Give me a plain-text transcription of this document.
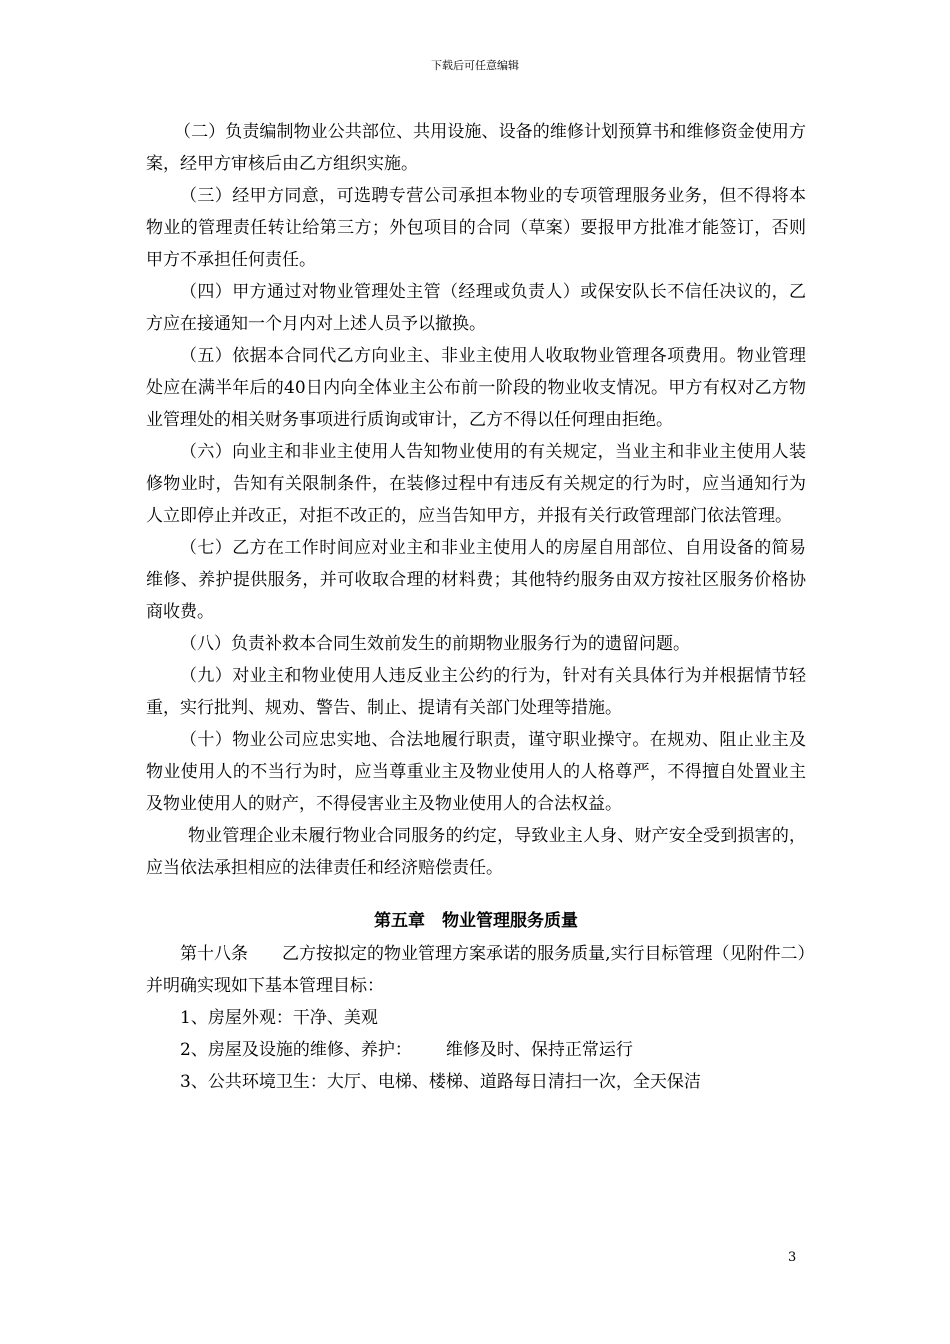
下载后可任意编辑

（二）负责编制物业公共部位、共用设施、设备的维修计划预算书和维修资金使用方案，经甲方审核后由乙方组织实施。

（三）经甲方同意，可选聘专营公司承担本物业的专项管理服务业务，但不得将本物业的管理责任转让给第三方；外包项目的合同（草案）要报甲方批准才能签订，否则甲方不承担任何责任。

（四）甲方通过对物业管理处主管（经理或负责人）或保安队长不信任决议的，乙方应在接通知一个月内对上述人员予以撤换。

（五）依据本合同代乙方向业主、非业主使用人收取物业管理各项费用。物业管理处应在满半年后的40日内向全体业主公布前一阶段的物业收支情况。甲方有权对乙方物业管理处的相关财务事项进行质询或审计，乙方不得以任何理由拒绝。

（六）向业主和非业主使用人告知物业使用的有关规定，当业主和非业主使用人装修物业时，告知有关限制条件，在装修过程中有违反有关规定的行为时，应当通知行为人立即停止并改正，对拒不改正的，应当告知甲方，并报有关行政管理部门依法管理。

（七）乙方在工作时间应对业主和非业主使用人的房屋自用部位、自用设备的简易维修、养护提供服务，并可收取合理的材料费；其他特约服务由双方按社区服务价格协商收费。

（八）负责补救本合同生效前发生的前期物业服务行为的遗留问题。

（九）对业主和物业使用人违反业主公约的行为，针对有关具体行为并根据情节轻重，实行批判、规劝、警告、制止、提请有关部门处理等措施。

（十）物业公司应忠实地、合法地履行职责，谨守职业操守。在规劝、阻止业主及物业使用人的不当行为时，应当尊重业主及物业使用人的人格尊严，不得擅自处置业主及物业使用人的财产，不得侵害业主及物业使用人的合法权益。

物业管理企业未履行物业合同服务的约定，导致业主人身、财产安全受到损害的，应当依法承担相应的法律责任和经济赔偿责任。

第五章　物业管理服务质量

第十八条 乙方按拟定的物业管理方案承诺的服务质量,实行目标管理（见附件二）并明确实现如下基本管理目标：

1、房屋外观：干净、美观

2、房屋及设施的维修、养护： 维修及时、保持正常运行

3、公共环境卫生：大厅、电梯、楼梯、道路每日清扫一次，全天保洁

3
